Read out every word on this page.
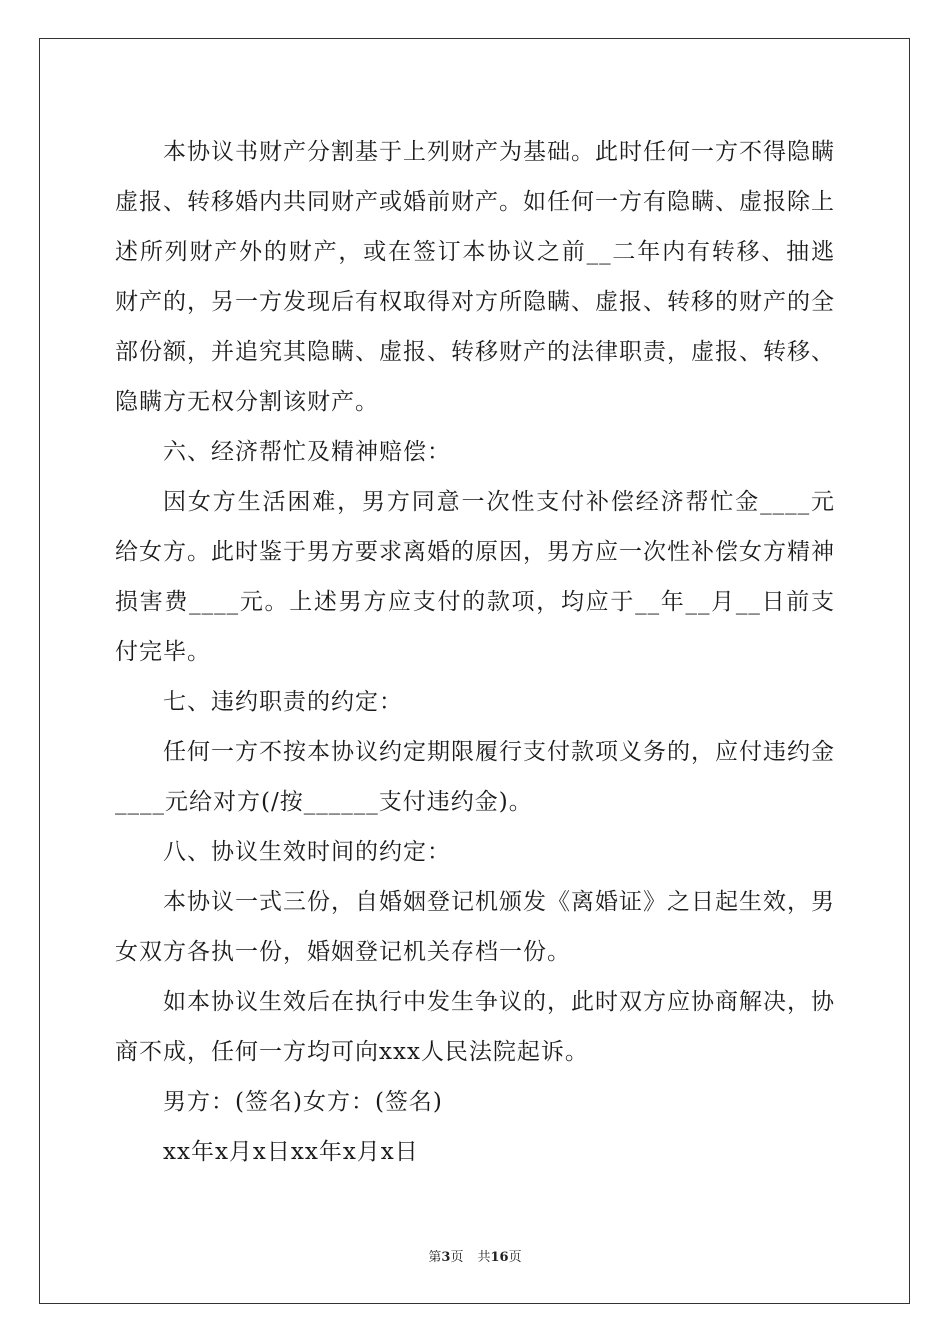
本协议书财产分割基于上列财产为基础。此时任何一方不得隐瞒虚报、转移婚内共同财产或婚前财产。如任何一方有隐瞒、虚报除上述所列财产外的财产，或在签订本协议之前__二年内有转移、抽逃财产的，另一方发现后有权取得对方所隐瞒、虚报、转移的财产的全部份额，并追究其隐瞒、虚报、转移财产的法律职责，虚报、转移、隐瞒方无权分割该财产。

六、经济帮忙及精神赔偿：

因女方生活困难，男方同意一次性支付补偿经济帮忙金____元给女方。此时鉴于男方要求离婚的原因，男方应一次性补偿女方精神损害费____元。上述男方应支付的款项，均应于__年__月__日前支付完毕。

七、违约职责的约定：

任何一方不按本协议约定期限履行支付款项义务的，应付违约金____元给对方(/按______支付违约金)。

八、协议生效时间的约定：

本协议一式三份，自婚姻登记机颁发《离婚证》之日起生效，男女双方各执一份，婚姻登记机关存档一份。

如本协议生效后在执行中发生争议的，此时双方应协商解决，协商不成，任何一方均可向xxx人民法院起诉。

男方：(签名)女方：(签名)

xx年x月x日xx年x月x日

第3页 共16页
